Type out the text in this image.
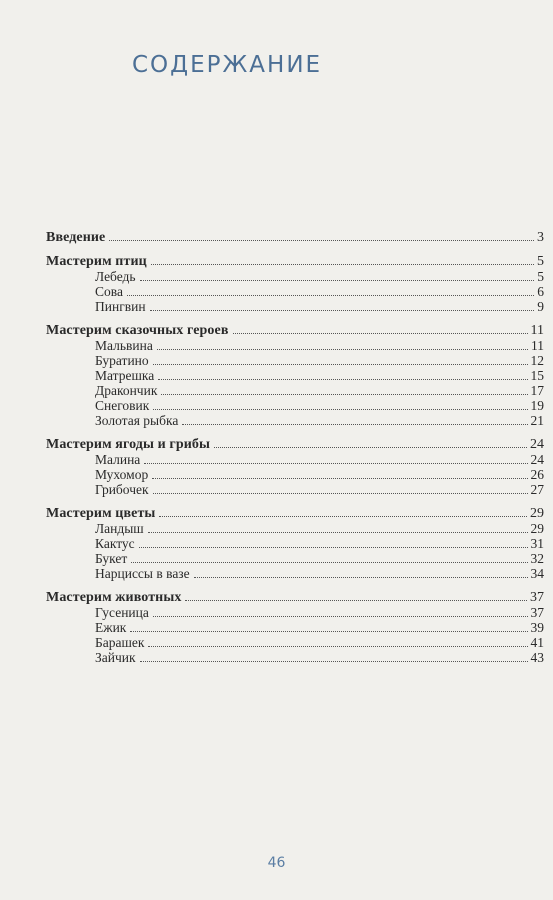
СОДЕРЖАНИЕ
Введение	3
Мастерим птиц	5
Лебедь	5
Сова	6
Пингвин	9
Мастерим сказочных героев	11
Мальвина	11
Буратино	12
Матрешка	15
Дракончик	17
Снеговик	19
Золотая рыбка	21
Мастерим ягоды и грибы	24
Малина	24
Мухомор	26
Грибочек	27
Мастерим цветы	29
Ландыш	29
Кактус	31
Букет	32
Нарциссы в вазе	34
Мастерим животных	37
Гусеница	37
Ежик	39
Барашек	41
Зайчик	43
46
